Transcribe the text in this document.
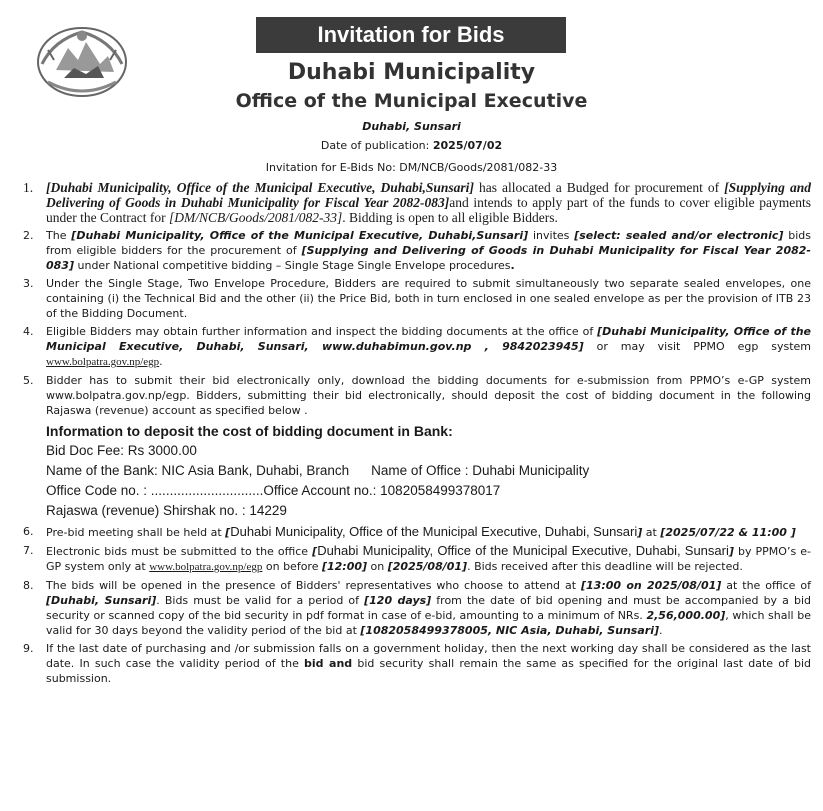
Invitation for Bids
Duhabi Municipality
Office of the Municipal Executive
Duhabi, Sunsari
Date of publication: 2025/07/02
Invitation for E-Bids No: DM/NCB/Goods/2081/082-33
1. [Duhabi Municipality, Office of the Municipal Executive, Duhabi,Sunsari] has allocated a Budged for procurement of [Supplying and Delivering of Goods in Duhabi Municipality for Fiscal Year 2082-083]and intends to apply part of the funds to cover eligible payments under the Contract for [DM/NCB/Goods/2081/082-33]. Bidding is open to all eligible Bidders.
2. The [Duhabi Municipality, Office of the Municipal Executive, Duhabi,Sunsari] invites [select: sealed and/or electronic] bids from eligible bidders for the procurement of [Supplying and Delivering of Goods in Duhabi Municipality for Fiscal Year 2082-083] under National competitive bidding – Single Stage Single Envelope procedures.
3. Under the Single Stage, Two Envelope Procedure, Bidders are required to submit simultaneously two separate sealed envelopes, one containing (i) the Technical Bid and the other (ii) the Price Bid, both in turn enclosed in one sealed envelope as per the provision of ITB 23 of the Bidding Document.
4. Eligible Bidders may obtain further information and inspect the bidding documents at the office of [Duhabi Municipality, Office of the Municipal Executive, Duhabi, Sunsari, www.duhabimun.gov.np , 9842023945] or may visit PPMO egp system www.bolpatra.gov.np/egp.
5. Bidder has to submit their bid electronically only, download the bidding documents for e-submission from PPMO’s e-GP system www.bolpatra.gov.np/egp. Bidders, submitting their bid electronically, should deposit the cost of bidding document in the following Rajaswa (revenue) account as specified below .
Information to deposit the cost of bidding document in Bank:
Bid Doc Fee: Rs 3000.00
Name of the Bank: NIC Asia Bank, Duhabi, Branch Name of Office : Duhabi Municipality
Office Code no. : ..............................Office Account no.: 1082058499378017
Rajaswa (revenue) Shirshak no. : 14229
6. Pre-bid meeting shall be held at [Duhabi Municipality, Office of the Municipal Executive, Duhabi, Sunsari] at [2025/07/22 & 11:00 ]
7. Electronic bids must be submitted to the office [Duhabi Municipality, Office of the Municipal Executive, Duhabi, Sunsari] by PPMO’s e-GP system only at www.bolpatra.gov.np/egp on before [12:00] on [2025/08/01]. Bids received after this deadline will be rejected.
8. The bids will be opened in the presence of Bidders' representatives who choose to attend at [13:00 on 2025/08/01] at the office of [Duhabi, Sunsari]. Bids must be valid for a period of [120 days] from the date of bid opening and must be accompanied by a bid security or scanned copy of the bid security in pdf format in case of e-bid, amounting to a minimum of NRs. 2,56,000.00], which shall be valid for 30 days beyond the validity period of the bid at [1082058499378005, NIC Asia, Duhabi, Sunsari].
9. If the last date of purchasing and /or submission falls on a government holiday, then the next working day shall be considered as the last date. In such case the validity period of the bid and bid security shall remain the same as specified for the original last date of bid submission.
